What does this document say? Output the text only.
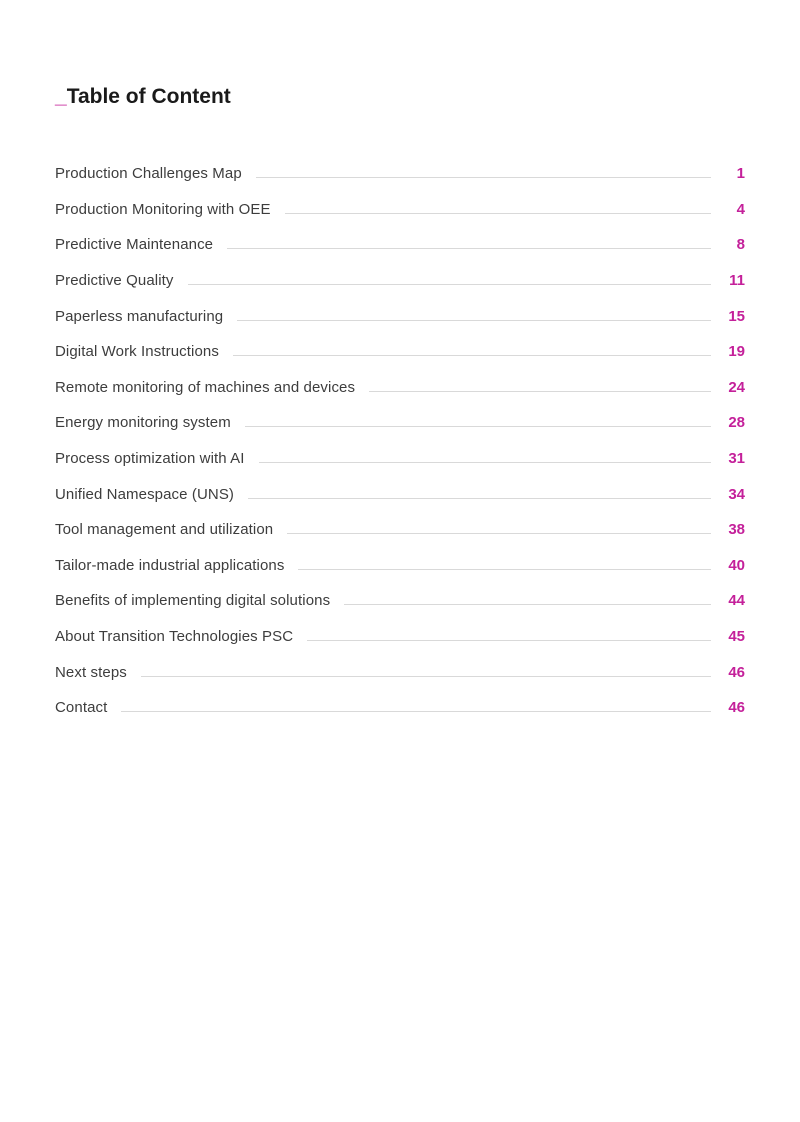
_Table of Content
Production Challenges Map	1
Production Monitoring with OEE	4
Predictive Maintenance	8
Predictive Quality	11
Paperless manufacturing	15
Digital Work Instructions	19
Remote monitoring of machines and devices	24
Energy monitoring system	28
Process optimization with AI	31
Unified Namespace (UNS)	34
Tool management and utilization	38
Tailor-made industrial applications	40
Benefits of implementing digital solutions	44
About Transition Technologies PSC	45
Next steps	46
Contact	46
